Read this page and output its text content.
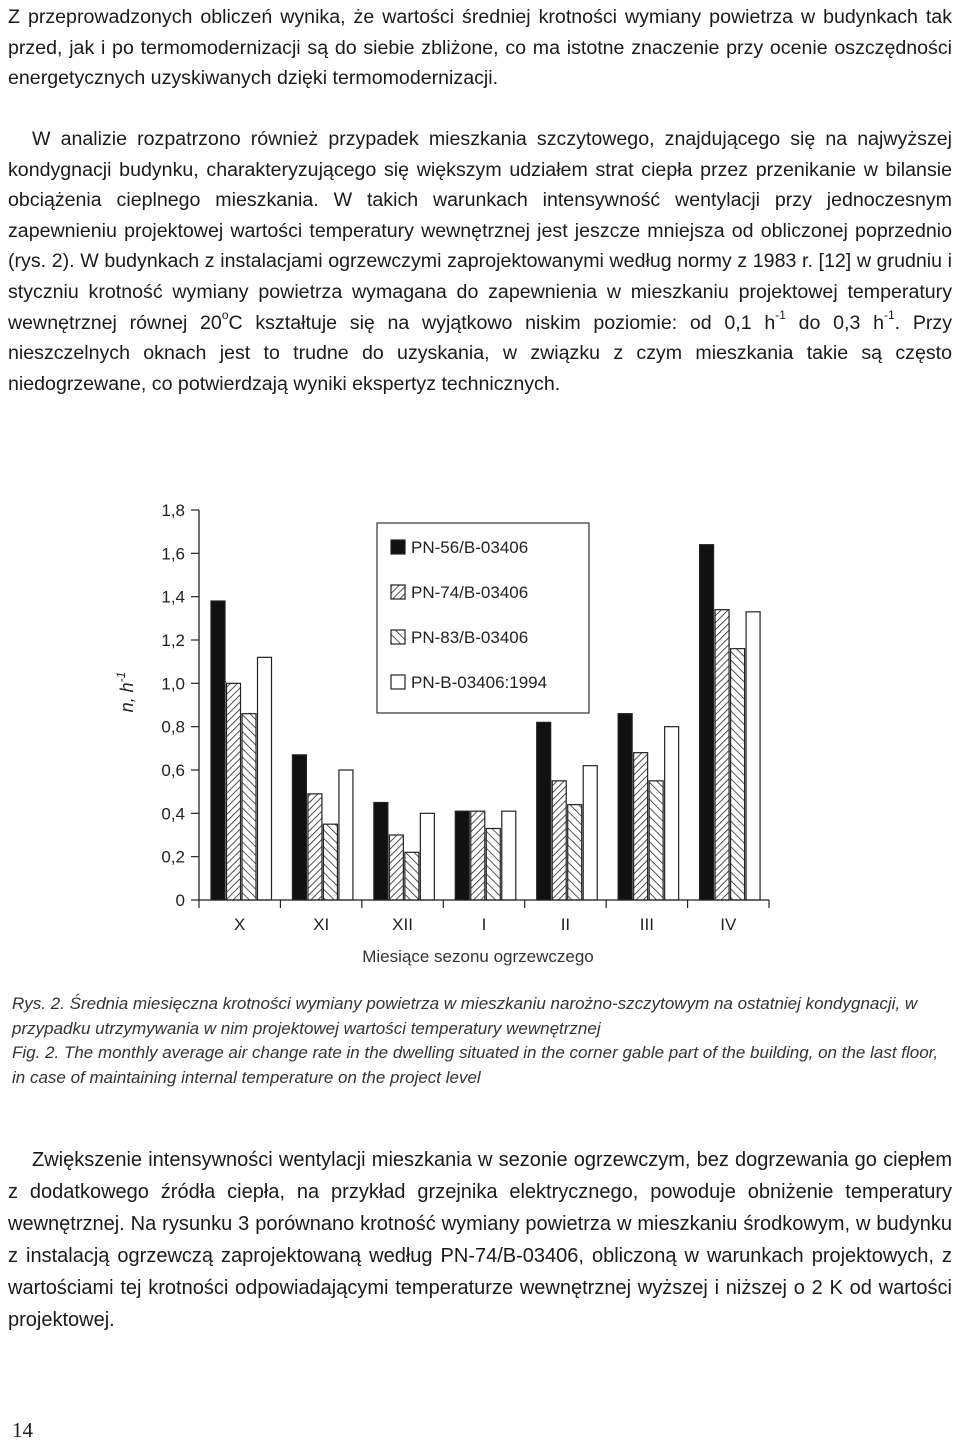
Z przeprowadzonych obliczeń wynika, że wartości średniej krotności wymiany powietrza w budynkach tak przed, jak i po termomodernizacji są do siebie zbliżone, co ma istotne znaczenie przy ocenie oszczędności energetycznych uzyskiwanych dzięki termomodernizacji.

W analizie rozpatrzono również przypadek mieszkania szczytowego, znajdującego się na najwyższej kondygnacji budynku, charakteryzującego się większym udziałem strat ciepła przez przenikanie w bilansie obciążenia cieplnego mieszkania. W takich warunkach intensywność wentylacji przy jednoczesnym zapewnieniu projektowej wartości temperatury wewnętrznej jest jeszcze mniejsza od obliczonej poprzednio (rys. 2). W budynkach z instalacjami ogrzewczymi zaprojektowanymi według normy z 1983 r. [12] w grudniu i styczniu krotność wymiany powietrza wymagana do zapewnienia w mieszkaniu projektowej temperatury wewnętrznej równej 20$^o$C kształtuje się na wyjątkowo niskim poziomie: od 0,1 $h^{-1}$ do 0,3 $h^{-1}$. Przy nieszczelnych oknach jest to trudne do uzyskania, w związku z czym mieszkania takie są często niedogrzewane, co potwierdzają wyniki ekspertyz technicznych.

0
0,2
0,4
0,6
0,8
1,0
1,2
1,4
1,6
1,8
X	XI	XII	I	II	III	IV
PN-56/B-03406
PN-74/B-03406
PN-83/B-03406
PN-B-03406:1994
n, $h^{-1}$
Miesiące sezonu ogrzewczego
Rys. 2. Średnia miesięczna krotności wymiany powietrza w mieszkaniu narożno-szczytowym na ostatniej kondygnacji, w przypadku utrzymywania w nim projektowej wartości temperatury wewnętrznej
Fig. 2. The monthly average air change rate in the dwelling situated in the corner gable part of the building, on the last floor, in case of maintaining internal temperature on the project level

Zwiększenie intensywności wentylacji mieszkania w sezonie ogrzewczym, bez dogrzewania go ciepłem z dodatkowego źródła ciepła, na przykład grzejnika elektrycznego, powoduje obniżenie temperatury wewnętrznej. Na rysunku 3 porównano krotność wymiany powietrza w mieszkaniu środkowym, w budynku z instalacją ogrzewczą zaprojektowaną według PN-74/B-03406, obliczoną w warunkach projektowych, z wartościami tej krotności odpowiadającymi temperaturze wewnętrznej wyższej i niższej o 2 K od wartości projektowej.

14
